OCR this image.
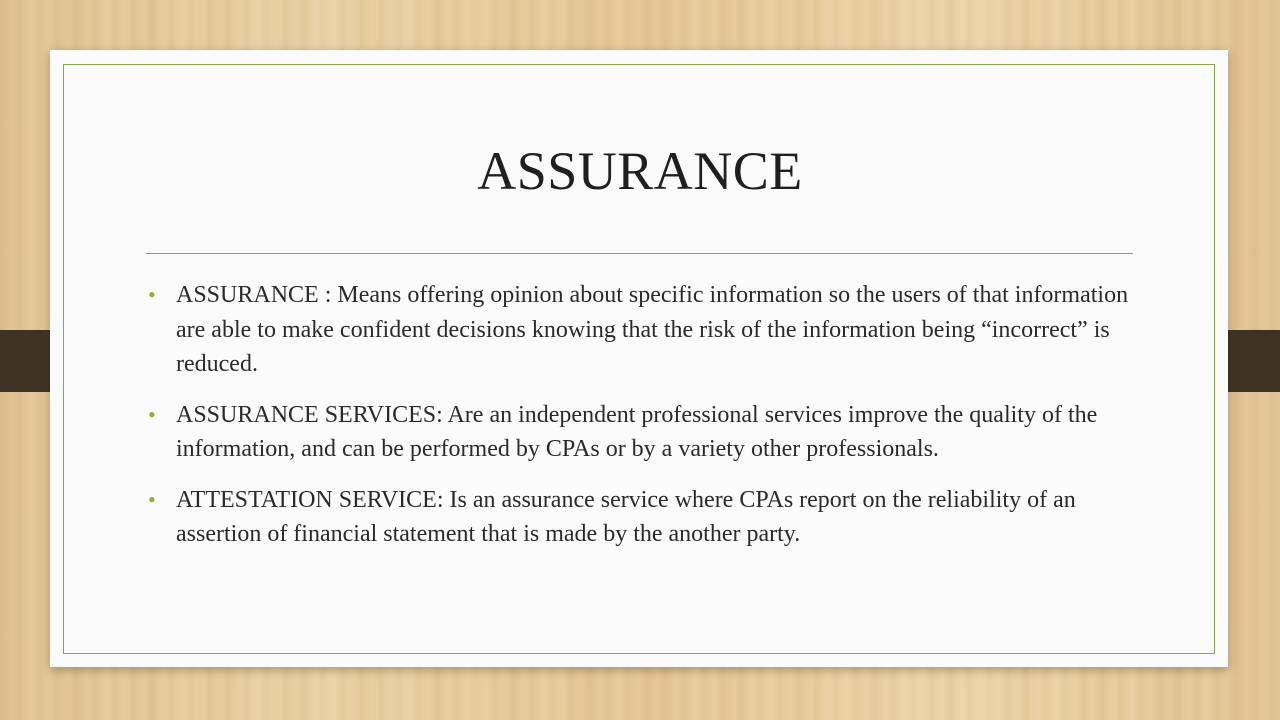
ASSURANCE
• ASSURANCE : Means offering opinion about specific information so the users of that information are able to make confident decisions knowing that the risk of the information being “incorrect” is reduced.
• ASSURANCE SERVICES: Are an independent professional services improve the quality of the information, and can be performed by CPAs or by a variety other professionals.
• ATTESTATION SERVICE: Is an assurance service where CPAs report on the reliability of an assertion of financial statement that is made by the another party.
